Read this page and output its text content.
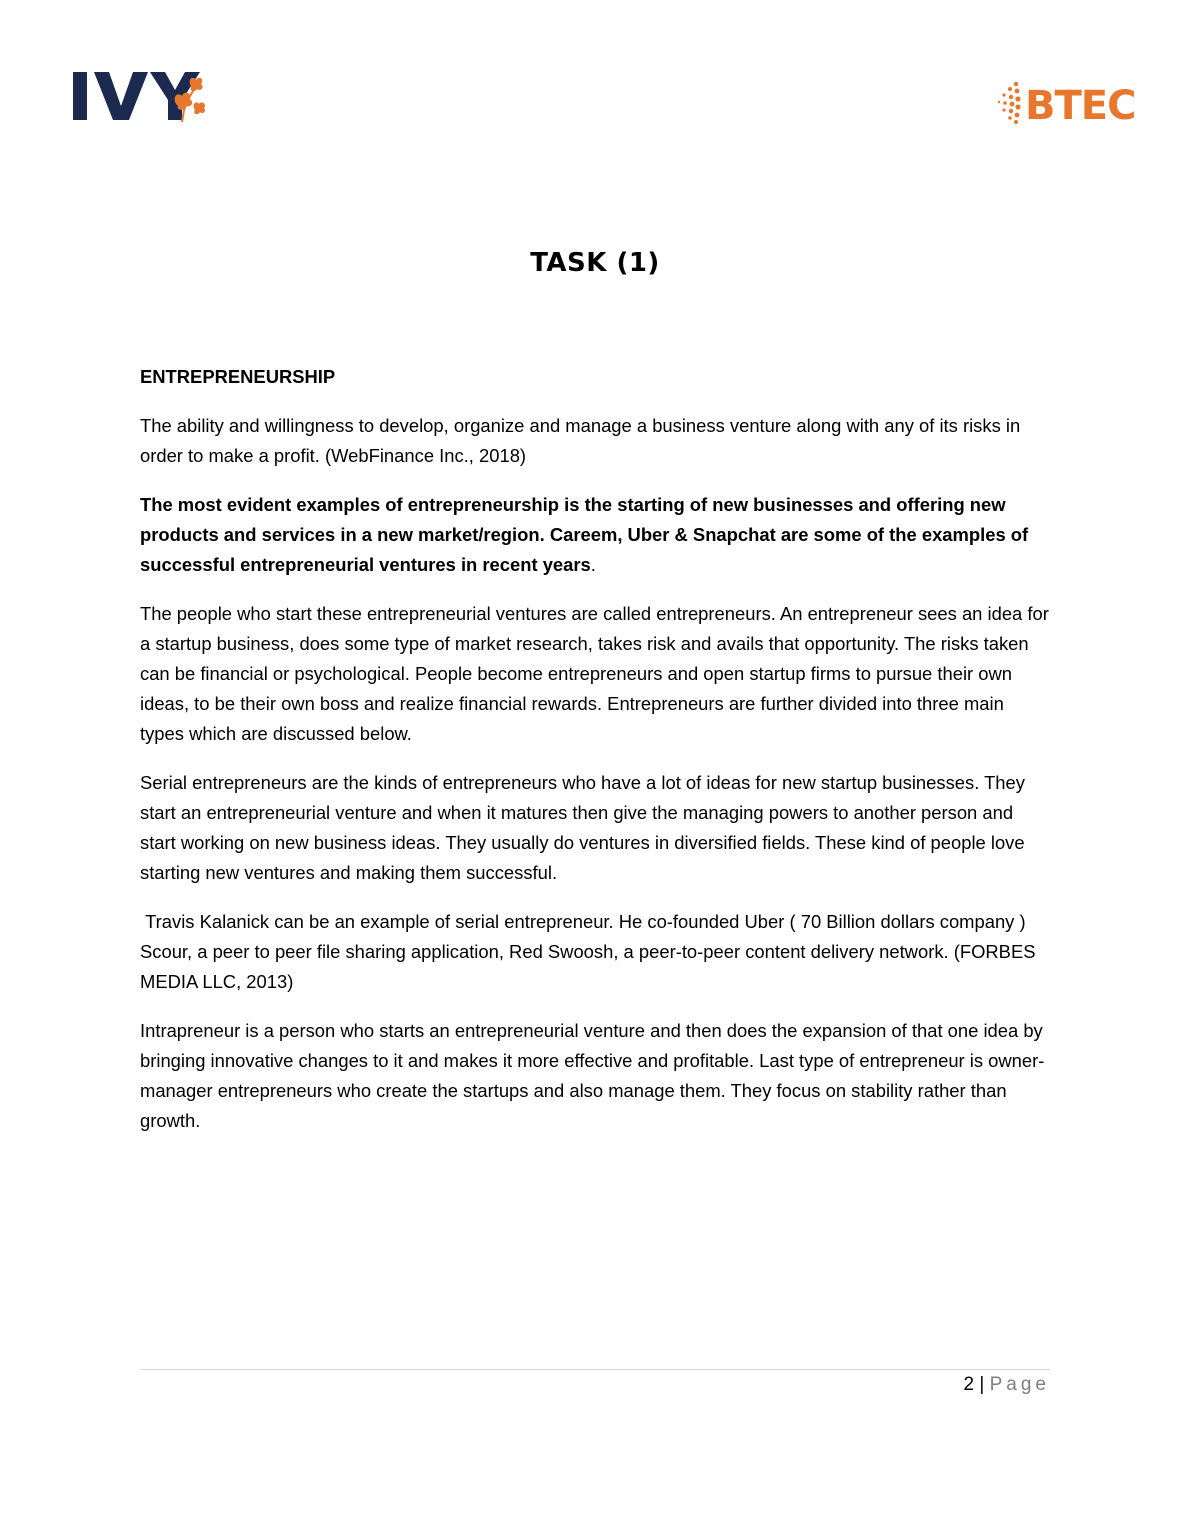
IVY
BTEC
TASK (1)

ENTREPRENEURSHIP

The ability and willingness to develop, organize and manage a business venture along with any of its risks in order to make a profit. (WebFinance Inc., 2018)

The most evident examples of entrepreneurship is the starting of new businesses and offering new products and services in a new market/region. Careem, Uber & Snapchat are some of the examples of successful entrepreneurial ventures in recent years.

The people who start these entrepreneurial ventures are called entrepreneurs. An entrepreneur sees an idea for a startup business, does some type of market research, takes risk and avails that opportunity. The risks taken can be financial or psychological. People become entrepreneurs and open startup firms to pursue their own ideas, to be their own boss and realize financial rewards. Entrepreneurs are further divided into three main types which are discussed below.

Serial entrepreneurs are the kinds of entrepreneurs who have a lot of ideas for new startup businesses. They start an entrepreneurial venture and when it matures then give the managing powers to another person and start working on new business ideas. They usually do ventures in diversified fields. These kind of people love starting new ventures and making them successful.

Travis Kalanick can be an example of serial entrepreneur. He co-founded Uber ( 70 Billion dollars company ) Scour, a peer to peer file sharing application, Red Swoosh, a peer-to-peer content delivery network. (FORBES MEDIA LLC, 2013)

Intrapreneur is a person who starts an entrepreneurial venture and then does the expansion of that one idea by bringing innovative changes to it and makes it more effective and profitable. Last type of entrepreneur is owner-manager entrepreneurs who create the startups and also manage them. They focus on stability rather than growth.

2 | Page
